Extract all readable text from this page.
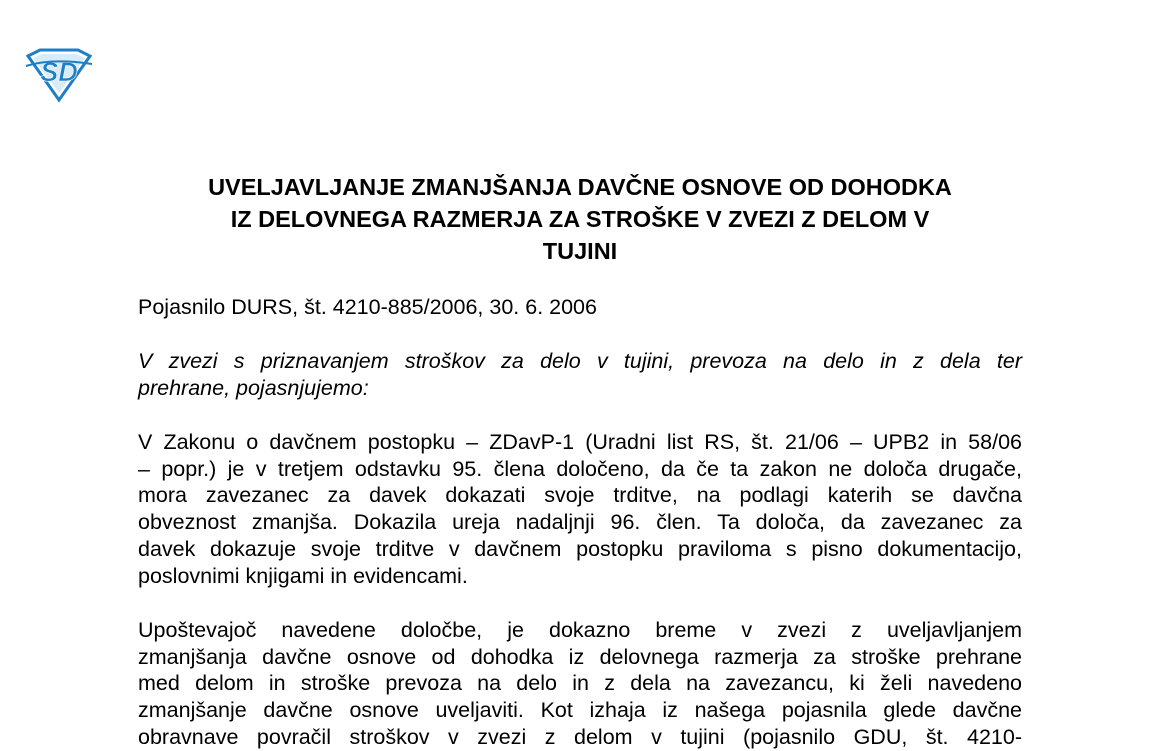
SD
UVELJAVLJANJE ZMANJŠANJA DAVČNE OSNOVE OD DOHODKA
IZ DELOVNEGA RAZMERJA ZA STROŠKE V ZVEZI Z DELOM V
TUJINI
Pojasnilo DURS, št. 4210-885/2006, 30. 6. 2006
V zvezi s priznavanjem stroškov za delo v tujini, prevoza na delo in z dela ter
prehrane, pojasnjujemo:
V Zakonu o davčnem postopku – ZDavP-1 (Uradni list RS, št. 21/06 – UPB2 in 58/06
– popr.) je v tretjem odstavku 95. člena določeno, da če ta zakon ne določa drugače,
mora zavezanec za davek dokazati svoje trditve, na podlagi katerih se davčna
obveznost zmanjša. Dokazila ureja nadaljnji 96. člen. Ta določa, da zavezanec za
davek dokazuje svoje trditve v davčnem postopku praviloma s pisno dokumentacijo,
poslovnimi knjigami in evidencami.
Upoštevajoč navedene določbe, je dokazno breme v zvezi z uveljavljanjem
zmanjšanja davčne osnove od dohodka iz delovnega razmerja za stroške prehrane
med delom in stroške prevoza na delo in z dela na zavezancu, ki želi navedeno
zmanjšanje davčne osnove uveljaviti. Kot izhaja iz našega pojasnila glede davčne
obravnave povračil stroškov v zvezi z delom v tujini (pojasnilo GDU, št. 4210-
